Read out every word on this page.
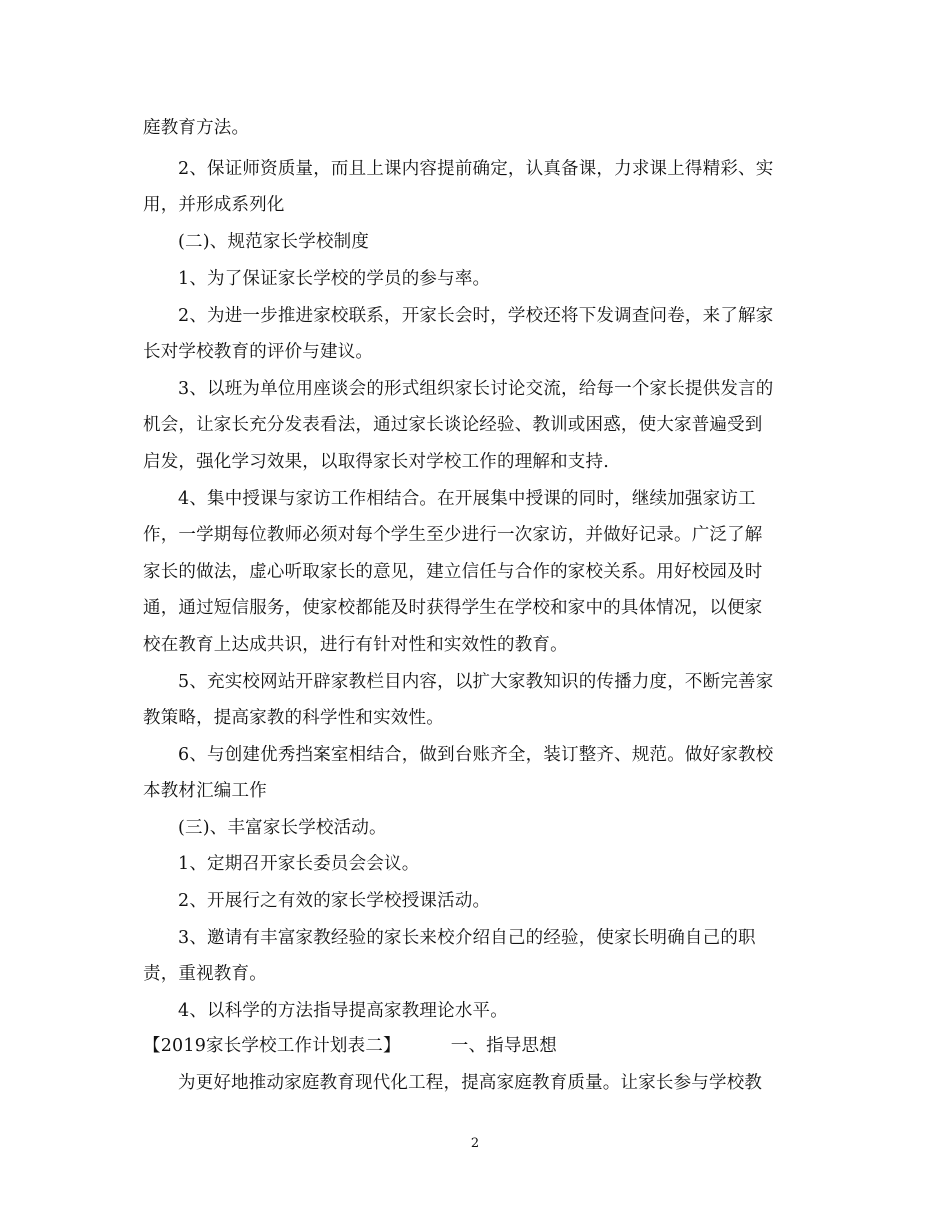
庭教育方法。
2、保证师资质量，而且上课内容提前确定，认真备课，力求课上得精彩、实
用，并形成系列化
(二)、规范家长学校制度
1、为了保证家长学校的学员的参与率。
2、为进一步推进家校联系，开家长会时，学校还将下发调查问卷，来了解家
长对学校教育的评价与建议。
3、以班为单位用座谈会的形式组织家长讨论交流，给每一个家长提供发言的
机会，让家长充分发表看法，通过家长谈论经验、教训或困惑，使大家普遍受到
启发，强化学习效果，以取得家长对学校工作的理解和支持.
4、集中授课与家访工作相结合。在开展集中授课的同时，继续加强家访工
作，一学期每位教师必须对每个学生至少进行一次家访，并做好记录。广泛了解
家长的做法，虚心听取家长的意见，建立信任与合作的家校关系。用好校园及时
通，通过短信服务，使家校都能及时获得学生在学校和家中的具体情况，以便家
校在教育上达成共识，进行有针对性和实效性的教育。
5、充实校网站开辟家教栏目内容，以扩大家教知识的传播力度，不断完善家
教策略，提高家教的科学性和实效性。
6、与创建优秀挡案室相结合，做到台账齐全，装订整齐、规范。做好家教校
本教材汇编工作
(三)、丰富家长学校活动。
1、定期召开家长委员会会议。
2、开展行之有效的家长学校授课活动。
3、邀请有丰富家教经验的家长来校介绍自己的经验，使家长明确自己的职
责，重视教育。
4、以科学的方法指导提高家教理论水平。
【2019家长学校工作计划表二】	一、指导思想
为更好地推动家庭教育现代化工程，提高家庭教育质量。让家长参与学校教
2
